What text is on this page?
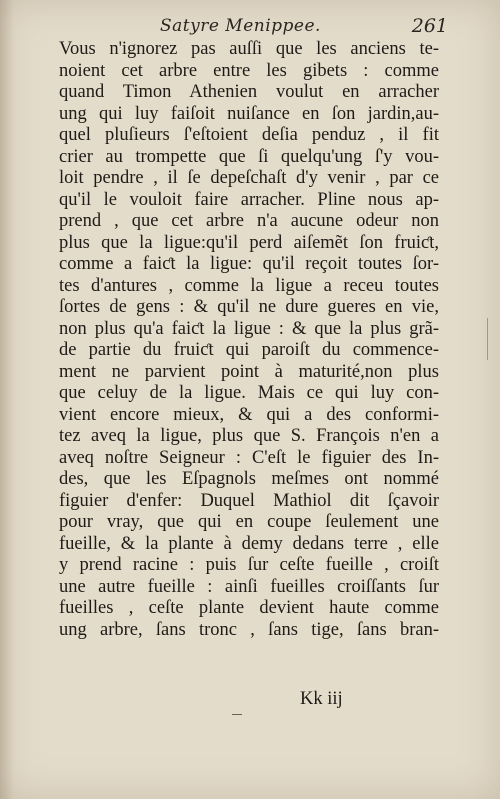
Satyre Menippee.	261
Vous n'ignorez pas auſſi que les anciens te-
noient cet arbre entre les gibets : comme
quand Timon Athenien voulut en arracher
ung qui luy faiſoit nuiſance en ſon jardin,au-
quel pluſieurs ſ'eſtoient deſia penduz , il fit
crier au trompette que ſi quelqu'ung ſ'y vou-
loit pendre , il ſe depeſchaſt d'y venir , par ce
qu'il le vouloit faire arracher. Pline nous ap-
prend , que cet arbre n'a aucune odeur non
plus que la ligue:qu'il perd aiſemẽt ſon fruiƈt,
comme a faiƈt la ligue: qu'il reçoit toutes ſor-
tes d'antures , comme la ligue a receu toutes
ſortes de gens : & qu'il ne dure gueres en vie,
non plus qu'a faiƈt la ligue : & que la plus grã-
de partie du fruiƈt qui paroiſt du commence-
ment ne parvient point à maturité,non plus
que celuy de la ligue. Mais ce qui luy con-
vient encore mieux, & qui a des conformi-
tez aveq la ligue, plus que S. François n'en a
aveq noſtre Seigneur : C'eſt le figuier des In-
des, que les Eſpagnols meſmes ont nommé
figuier d'enfer: Duquel Mathiol dit ſçavoir
pour vray, que qui en coupe ſeulement une
fueille, & la plante à demy dedans terre , elle
y prend racine : puis ſur ceſte fueille , croiſt
une autre fueille : ainſi fueilles croiſſants ſur
fueilles , ceſte plante devient haute comme
ung arbre, ſans tronc , ſans tige, ſans bran-
Kk iij
